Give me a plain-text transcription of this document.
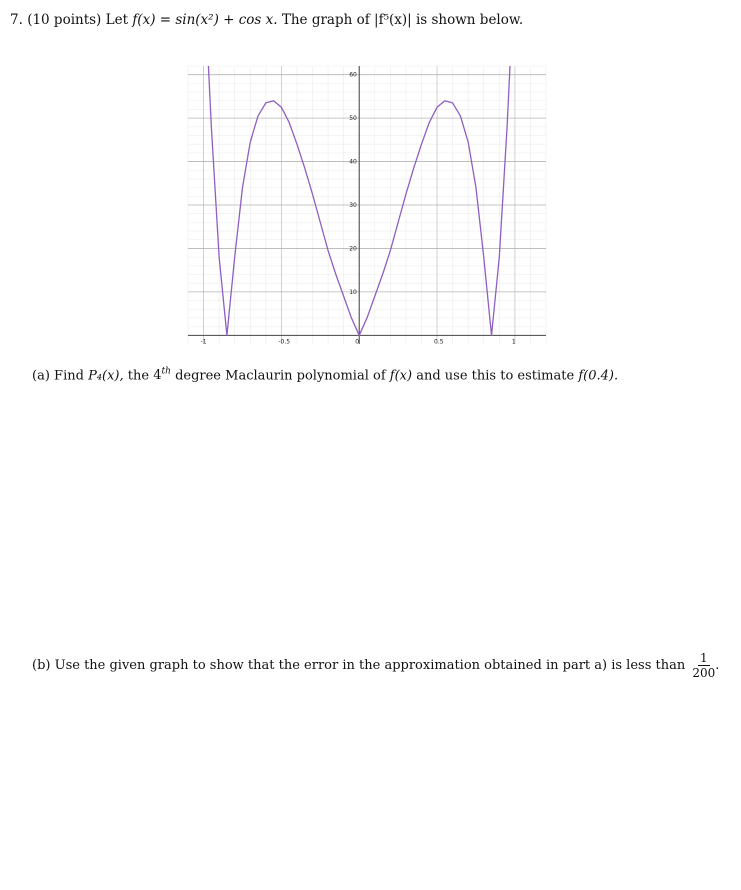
7. (10 points) Let f(x) = sin(x²) + cos x. The graph of |f⁵(x)| is shown below.
-1	-0.5	0	0.5	1
10
20
30
40
50
60
(a) Find P₄(x), the 4th degree Maclaurin polynomial of f(x) and use this to estimate f(0.4).
(b) Use the given graph to show that the error in the approximation obtained in part a) is less than $\frac{1}{200}$ .
